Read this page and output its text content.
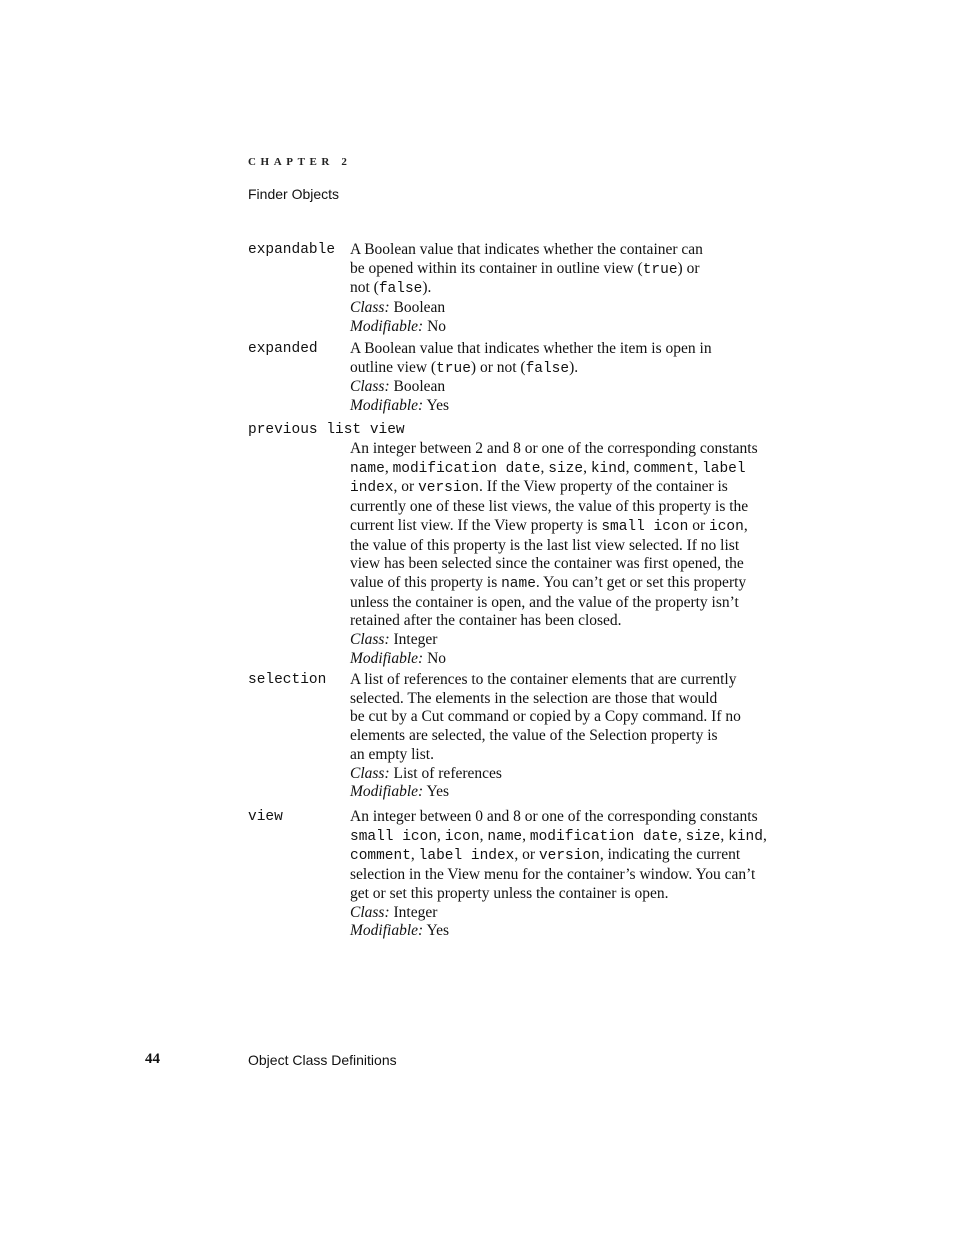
CHAPTER 2
Finder Objects
expandable A Boolean value that indicates whether the container can
be opened within its container in outline view (true) or
not (false).
Class: Boolean
Modifiable: No
expanded A Boolean value that indicates whether the item is open in
outline view (true) or not (false).
Class: Boolean
Modifiable: Yes
previous list view
An integer between 2 and 8 or one of the corresponding constants
name, modification date, size, kind, comment, label
index, or version. If the View property of the container is
currently one of these list views, the value of this property is the
current list view. If the View property is small icon or icon,
the value of this property is the last list view selected. If no list
view has been selected since the container was first opened, the
value of this property is name. You can’t get or set this property
unless the container is open, and the value of the property isn’t
retained after the container has been closed.
Class: Integer
Modifiable: No
selection A list of references to the container elements that are currently
selected. The elements in the selection are those that would
be cut by a Cut command or copied by a Copy command. If no
elements are selected, the value of the Selection property is
an empty list.
Class: List of references
Modifiable: Yes
view	An integer between 0 and 8 or one of the corresponding constants
small icon, icon, name, modification date, size, kind,
comment, label index, or version, indicating the current
selection in the View menu for the container’s window. You can’t
get or set this property unless the container is open.
Class: Integer
Modifiable: Yes
44	Object Class Definitions
